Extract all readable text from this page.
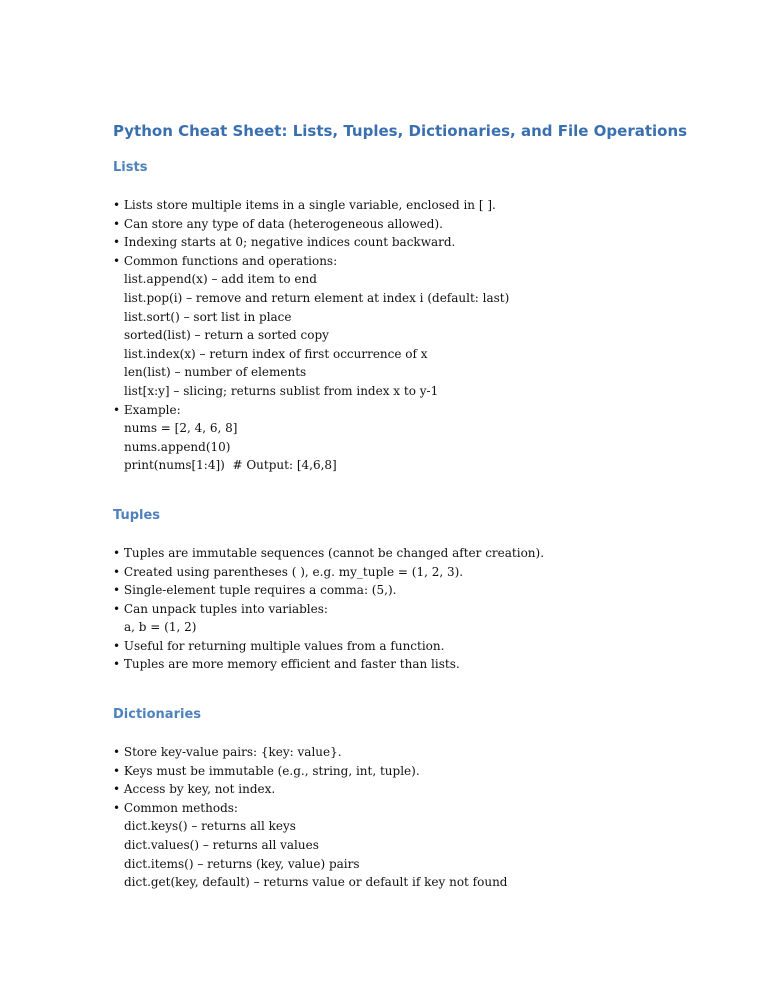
Python Cheat Sheet: Lists, Tuples, Dictionaries, and File Operations
Lists

• Lists store multiple items in a single variable, enclosed in [ ].

• Can store any type of data (heterogeneous allowed).

• Indexing starts at 0; negative indices count backward.

• Common functions and operations:

list.append(x) – add item to end

list.pop(i) – remove and return element at index i (default: last)

list.sort() – sort list in place

sorted(list) – return a sorted copy

list.index(x) – return index of first occurrence of x

len(list) – number of elements

list[x:y] – slicing; returns sublist from index x to y-1

• Example:

nums = [2, 4, 6, 8]

nums.append(10)

print(nums[1:4])  # Output: [4,6,8]

Tuples

• Tuples are immutable sequences (cannot be changed after creation).

• Created using parentheses ( ), e.g. my_tuple = (1, 2, 3).

• Single-element tuple requires a comma: (5,).

• Can unpack tuples into variables:

a, b = (1, 2)

• Useful for returning multiple values from a function.

• Tuples are more memory efficient and faster than lists.

Dictionaries

• Store key-value pairs: {key: value}.

• Keys must be immutable (e.g., string, int, tuple).

• Access by key, not index.

• Common methods:

dict.keys() – returns all keys

dict.values() – returns all values

dict.items() – returns (key, value) pairs

dict.get(key, default) – returns value or default if key not found
